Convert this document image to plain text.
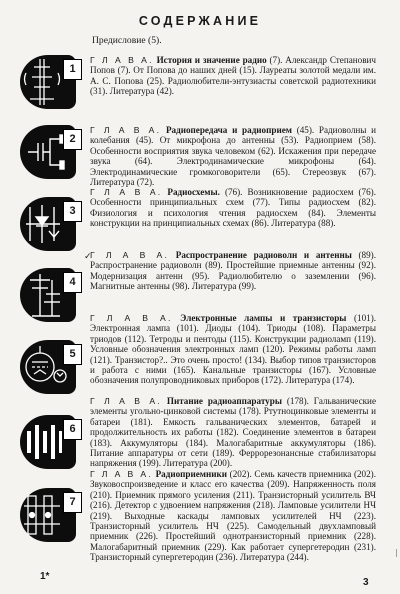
СОДЕРЖАНИЕ
Предисловие (5).
1

Г Л А В А. История и значение радио (7). Александр Степанович Попов (7). От Попова до наших дней (15). Лауреаты золотой медали им. А. С. Попова (25). Радиолюбители-энтузиасты советской радиотехники (31). Литература (42).

2

Г Л А В А. Радиопередача и радиоприем (45). Радиоволны и колебания (45). От микрофона до антенны (53). Радиоприем (58). Особенности восприятия звука человеком (62). Искажения при передаче звука (64). Электродинамические микрофоны (64). Электродинамические громкоговорители (65). Стереозвук (67). Литература (72).

3

Г Л А В А. Радиосхемы. (76). Возникновение радиосхем (76). Особенности принципиальных схем (77). Типы радиосхем (82). Физиология и психология чтения радиосхем (84). Элементы конструкции на принципиальных схемах (86). Литература (88).

4
✓

Г Л А В А. Распространение радиоволн и антенны (89). Распространение радиоволн (89). Простейшие приемные антенны (92). Модернизация антенн (95). Радиолюбителю о заземлении (96). Магнитные антенны (98). Литература (99).

5

Г Л А В А. Электронные лампы и транзисторы (101). Электронная лампа (101). Диоды (104). Триоды (108). Параметры триодов (112). Тетроды и пентоды (115). Конструкции радиоламп (119). Условные обозначения электронных ламп (120). Режимы работы ламп (121). Транзистор?.. Это очень просто! (134). Выбор типов транзисторов и работа с ними (165). Канальные транзисторы (167). Условные обозначения полупроводниковых приборов (172). Литература (174).

6

Г Л А В А. Питание радиоаппаратуры (178). Гальванические элементы угольно-цинковой системы (178). Ртутноцинковые элементы и батареи (181). Емкость гальванических элементов, батарей и продолжительность их работы (182). Соединение элементов в батареи (183). Аккумуляторы (184). Малогабаритные аккумуляторы (186). Питание аппаратуры от сети (189). Феррорезонансные стабилизаторы напряжения (199). Литература (200).

7

Г Л А В А. Радиоприемники (202). Семь качеств приемника (202). Звуковоспроизведение и класс его качества (209). Напряженность поля (210). Приемник прямого усиления (211). Транзисторный усилитель ВЧ (216). Детектор с удвоением напряжения (218). Ламповые усилители НЧ (219). Выходные каскады ламповых усилителей НЧ (223). Транзисторный усилитель НЧ (225). Самодельный двухламповый приемник (226). Простейший однотранзисторный приемник (228). Малогабаритный приемник (229). Как работает супергетеродин (231). Транзисторный супергетеродин (236). Литература (244).	|
1*
3
